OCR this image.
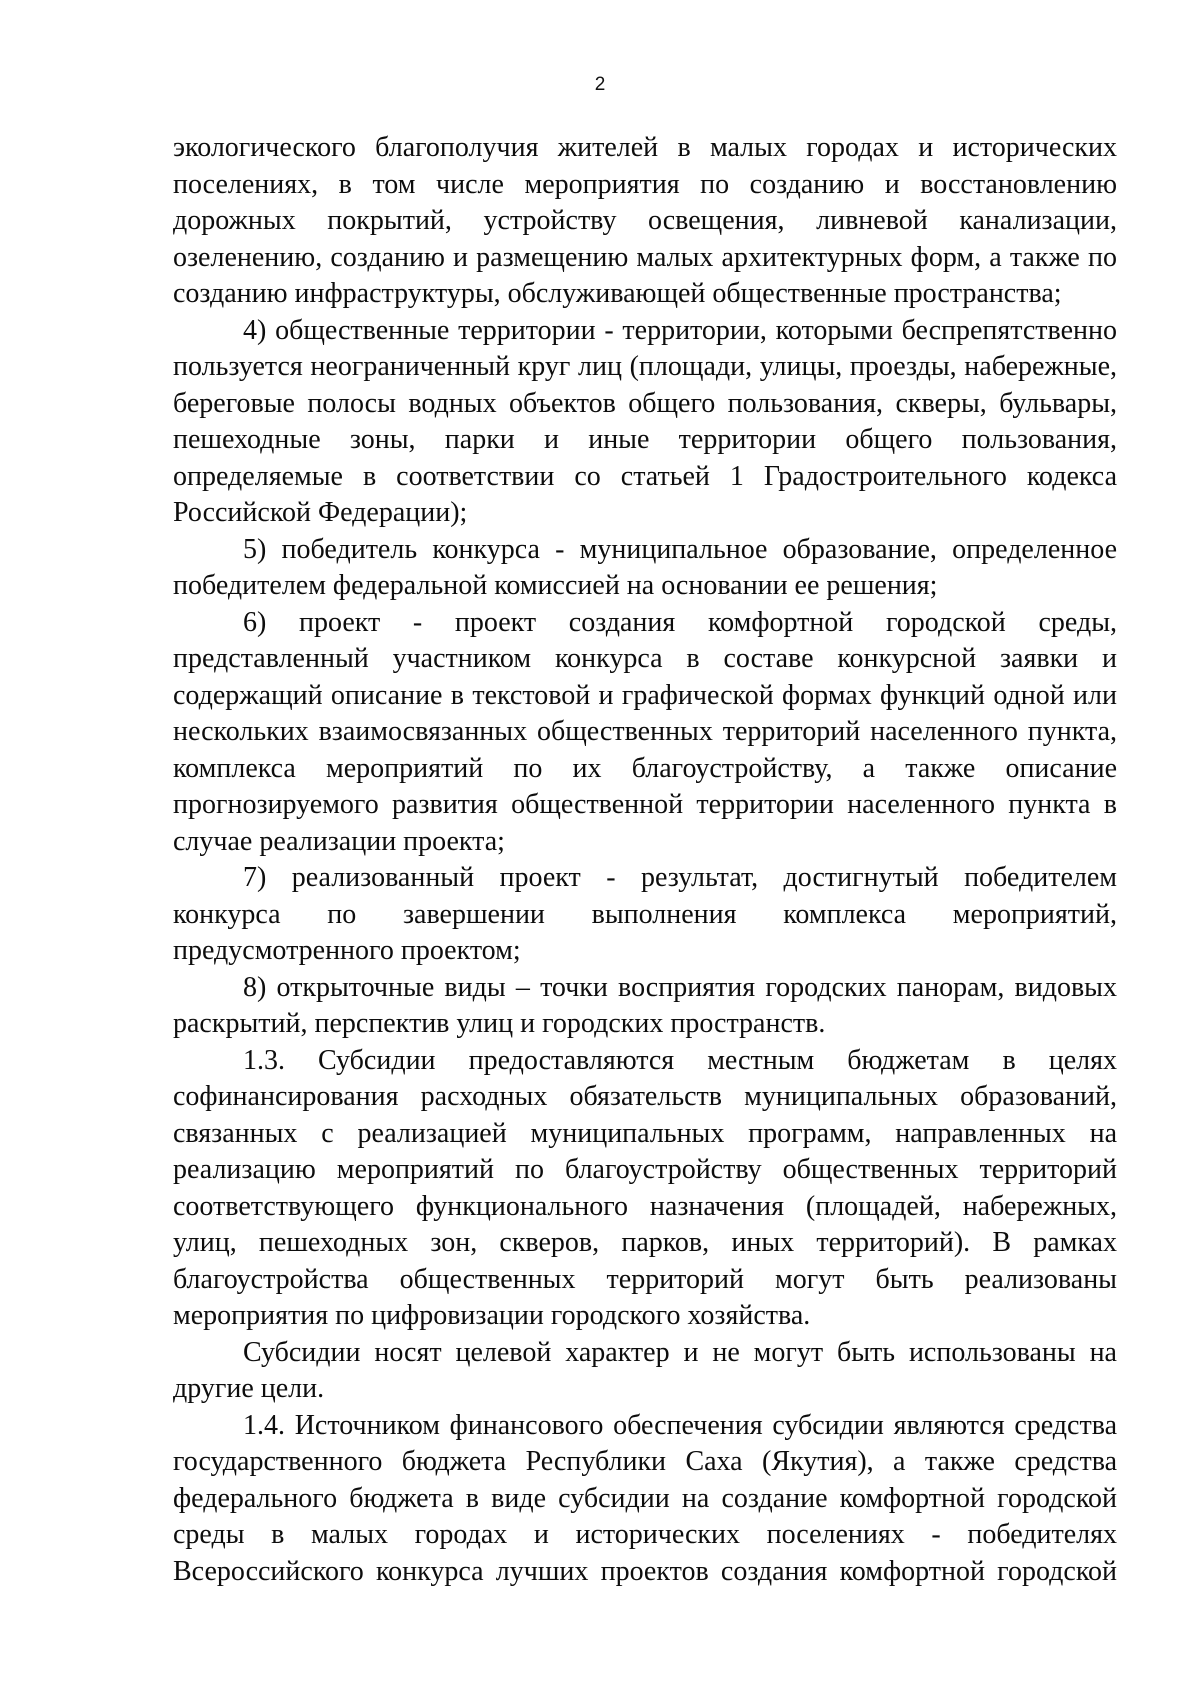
2

экологического благополучия жителей в малых городах и исторических поселениях, в том числе мероприятия по созданию и восстановлению дорожных покрытий, устройству освещения, ливневой канализации, озеленению, созданию и размещению малых архитектурных форм, а также по созданию инфраструктуры, обслуживающей общественные пространства;

4) общественные территории - территории, которыми беспрепятственно пользуется неограниченный круг лиц (площади, улицы, проезды, набережные, береговые полосы водных объектов общего пользования, скверы, бульвары, пешеходные зоны, парки и иные территории общего пользования, определяемые в соответствии со статьей 1 Градостроительного кодекса Российской Федерации);

5) победитель конкурса - муниципальное образование, определенное победителем федеральной комиссией на основании ее решения;

6) проект - проект создания комфортной городской среды, представленный участником конкурса в составе конкурсной заявки и содержащий описание в текстовой и графической формах функций одной или нескольких взаимосвязанных общественных территорий населенного пункта, комплекса мероприятий по их благоустройству, а также описание прогнозируемого развития общественной территории населенного пункта в случае реализации проекта;

7) реализованный проект - результат, достигнутый победителем конкурса по завершении выполнения комплекса мероприятий, предусмотренного проектом;

8) открыточные виды – точки восприятия городских панорам, видовых раскрытий, перспектив улиц и городских пространств.

1.3. Субсидии предоставляются местным бюджетам в целях софинансирования расходных обязательств муниципальных образований, связанных с реализацией муниципальных программ, направленных на реализацию мероприятий по благоустройству общественных территорий соответствующего функционального назначения (площадей, набережных, улиц, пешеходных зон, скверов, парков, иных территорий). В рамках благоустройства общественных территорий могут быть реализованы мероприятия по цифровизации городского хозяйства.

Субсидии носят целевой характер и не могут быть использованы на другие цели.

1.4. Источником финансового обеспечения субсидии являются средства государственного бюджета Республики Саха (Якутия), а также средства федерального бюджета в виде субсидии на создание комфортной городской среды в малых городах и исторических поселениях - победителях Всероссийского конкурса лучших проектов создания комфортной городской
